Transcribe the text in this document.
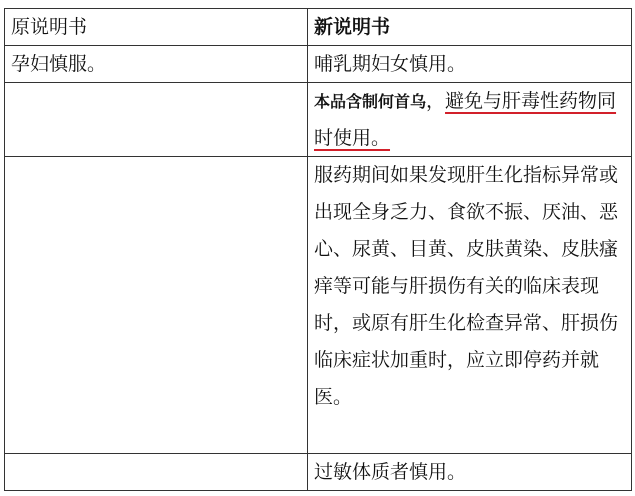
原说明书	新说明书
孕妇慎服。	哺乳期妇女慎用。
	本品含制何首乌，避免与肝毒性药物同时使用。
	服药期间如果发现肝生化指标异常或出现全身乏力、食欲不振、厌油、恶心、尿黄、目黄、皮肤黄染、皮肤瘙痒等可能与肝损伤有关的临床表现时，或原有肝生化检查异常、肝损伤临床症状加重时，应立即停药并就医。
	过敏体质者慎用。
